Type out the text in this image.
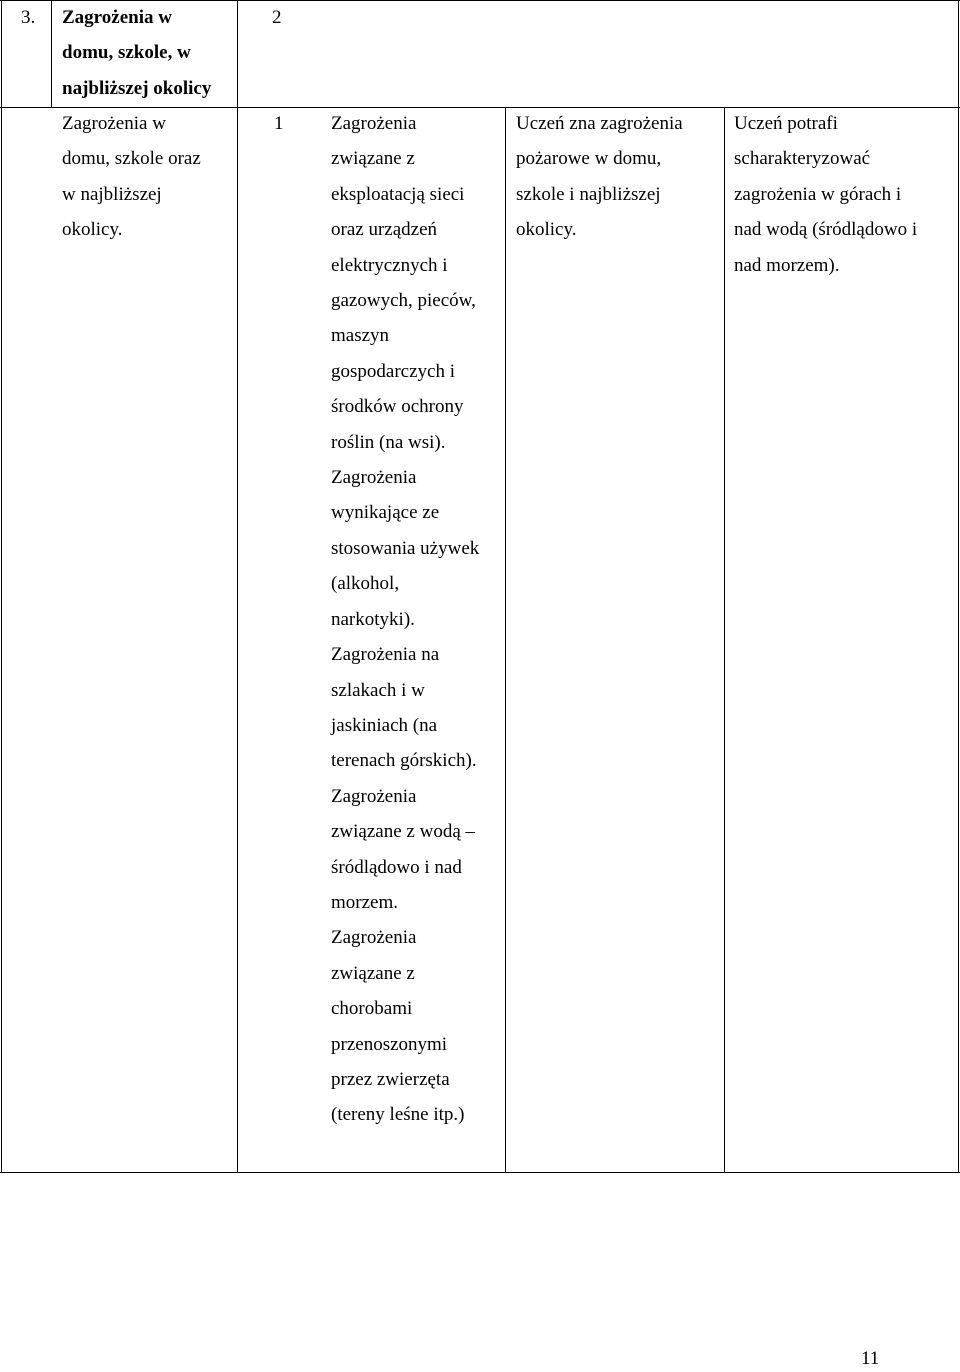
3. Zagrożenia w
domu, szkole, w
najbliższej okolicy
2
Zagrożenia w
domu, szkole oraz
w najbliższej
okolicy.
1	Zagrożenia
związane z
eksploatacją sieci
oraz urządzeń
elektrycznych i
gazowych, pieców,
maszyn
gospodarczych i
środków ochrony
roślin (na wsi).
Zagrożenia
wynikające ze
stosowania używek
(alkohol,
narkotyki).
Zagrożenia na
szlakach i w
jaskiniach (na
terenach górskich).
Zagrożenia
związane z wodą –
śródlądowo i nad
morzem.
Zagrożenia
związane z
chorobami
przenoszonymi
przez zwierzęta
(tereny leśne itp.)
Uczeń zna zagrożenia
pożarowe w domu,
szkole i najbliższej
okolicy.
Uczeń potrafi
scharakteryzować
zagrożenia w górach i
nad wodą (śródlądowo i
nad morzem).
11
